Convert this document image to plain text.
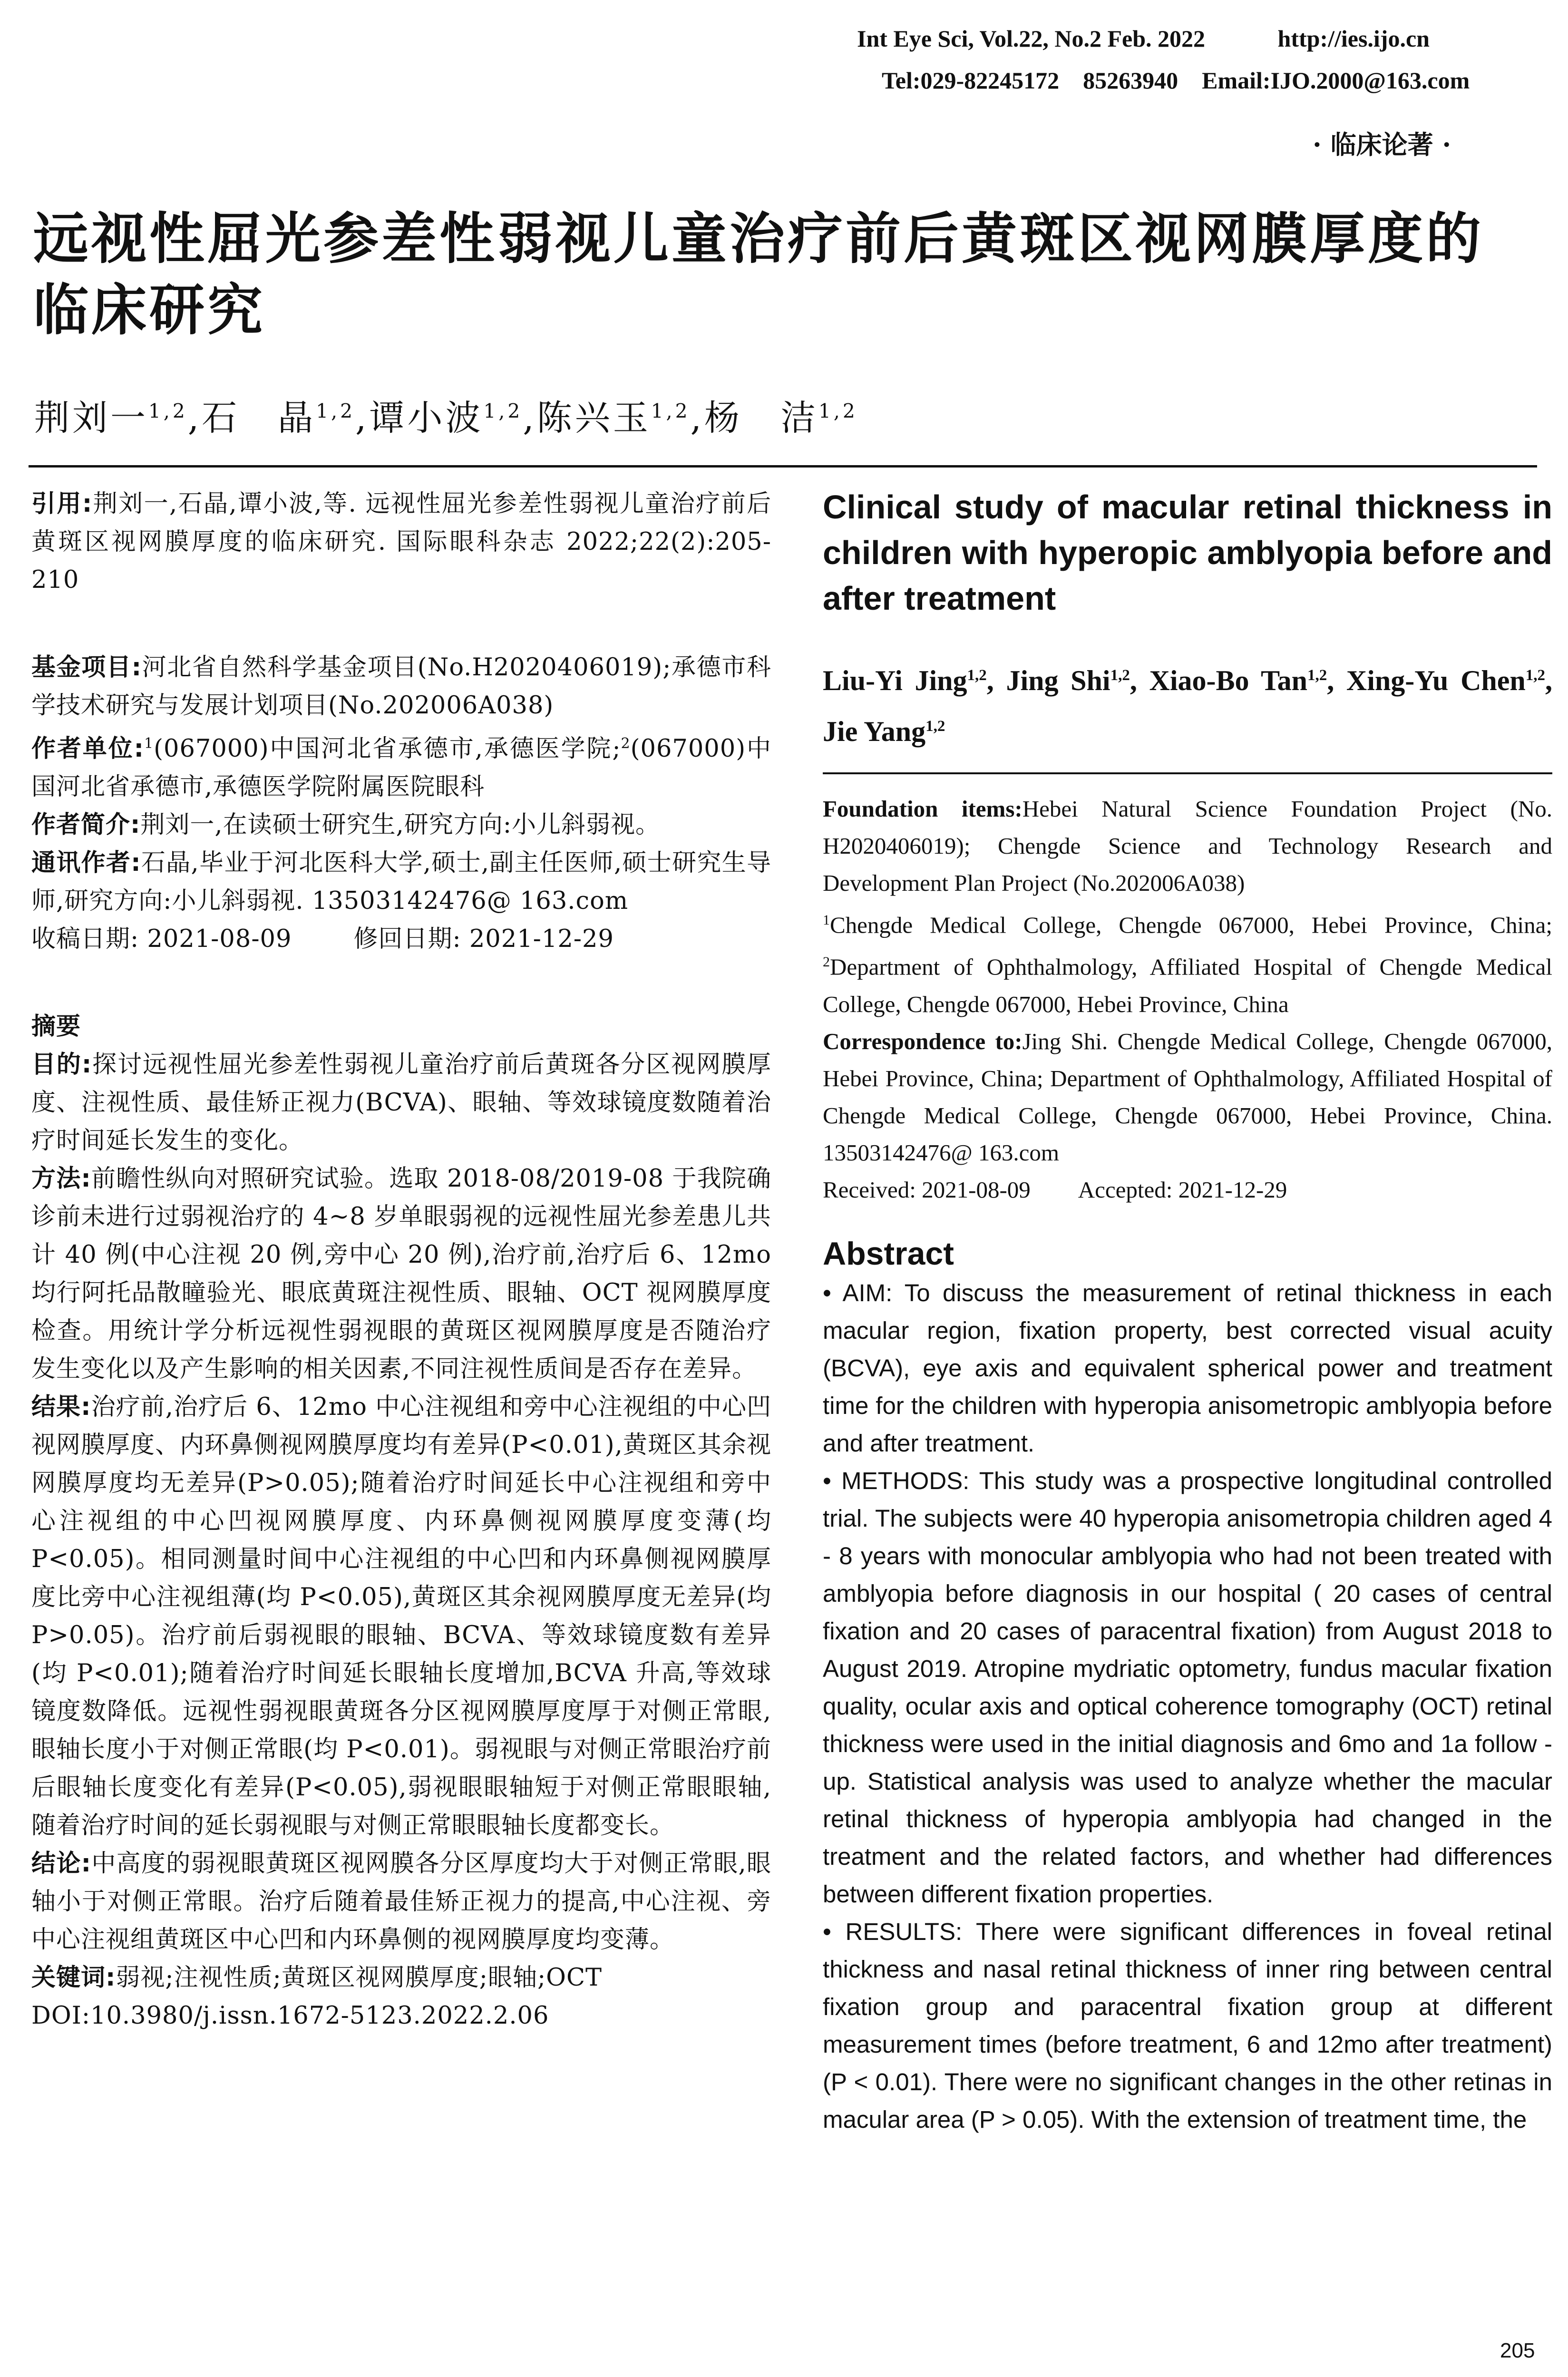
Int Eye Sci, Vol.22, No.2 Feb. 2022	http://ies.ijo.cn
Tel:029-82245172    85263940    Email:IJO.2000@163.com
· 临床论著 ·
远视性屈光参差性弱视儿童治疗前后黄斑区视网膜厚度的临床研究
荆刘一$^{1,2}$,石　晶$^{1,2}$,谭小波$^{1,2}$,陈兴玉$^{1,2}$,杨　洁$^{1,2}$
引用:荆刘一,石晶,谭小波,等. 远视性屈光参差性弱视儿童治疗前后黄斑区视网膜厚度的临床研究. 国际眼科杂志 2022;22(2):205-210
基金项目:河北省自然科学基金项目(No.H2020406019);承德市科学技术研究与发展计划项目(No.202006A038)
作者单位:$^1$(067000)中国河北省承德市,承德医学院;$^2$(067000)中国河北省承德市,承德医学院附属医院眼科
作者简介:荆刘一,在读硕士研究生,研究方向:小儿斜弱视。
通讯作者:石晶,毕业于河北医科大学,硕士,副主任医师,硕士研究生导师,研究方向:小儿斜弱视. 13503142476@ 163.com
收稿日期: 2021-08-09	修回日期: 2021-12-29
摘要
目的:探讨远视性屈光参差性弱视儿童治疗前后黄斑各分区视网膜厚度、注视性质、最佳矫正视力(BCVA)、眼轴、等效球镜度数随着治疗时间延长发生的变化。
方法:前瞻性纵向对照研究试验。选取 2018-08/2019-08 于我院确诊前未进行过弱视治疗的 4~8 岁单眼弱视的远视性屈光参差患儿共计 40 例(中心注视 20 例,旁中心 20 例),治疗前,治疗后 6、12mo 均行阿托品散瞳验光、眼底黄斑注视性质、眼轴、OCT 视网膜厚度检查。用统计学分析远视性弱视眼的黄斑区视网膜厚度是否随治疗发生变化以及产生影响的相关因素,不同注视性质间是否存在差异。
结果:治疗前,治疗后 6、12mo 中心注视组和旁中心注视组的中心凹视网膜厚度、内环鼻侧视网膜厚度均有差异(P<0.01),黄斑区其余视网膜厚度均无差异(P>0.05);随着治疗时间延长中心注视组和旁中心注视组的中心凹视网膜厚度、内环鼻侧视网膜厚度变薄(均 P<0.05)。相同测量时间中心注视组的中心凹和内环鼻侧视网膜厚度比旁中心注视组薄(均 P<0.05),黄斑区其余视网膜厚度无差异(均 P>0.05)。治疗前后弱视眼的眼轴、BCVA、等效球镜度数有差异(均 P<0.01);随着治疗时间延长眼轴长度增加,BCVA 升高,等效球镜度数降低。远视性弱视眼黄斑各分区视网膜厚度厚于对侧正常眼,眼轴长度小于对侧正常眼(均 P<0.01)。弱视眼与对侧正常眼治疗前后眼轴长度变化有差异(P<0.05),弱视眼眼轴短于对侧正常眼眼轴,随着治疗时间的延长弱视眼与对侧正常眼眼轴长度都变长。
结论:中高度的弱视眼黄斑区视网膜各分区厚度均大于对侧正常眼,眼轴小于对侧正常眼。治疗后随着最佳矫正视力的提高,中心注视、旁中心注视组黄斑区中心凹和内环鼻侧的视网膜厚度均变薄。
关键词:弱视;注视性质;黄斑区视网膜厚度;眼轴;OCT
DOI:10.3980/j.issn.1672-5123.2022.2.06
Clinical study of macular retinal thickness in children with hyperopic amblyopia before and after treatment
Liu-Yi Jing$^{1,2}$, Jing Shi$^{1,2}$, Xiao-Bo Tan$^{1,2}$, Xing-Yu Chen$^{1,2}$, Jie Yang$^{1,2}$
Foundation items:Hebei Natural Science Foundation Project (No. H2020406019); Chengde Science and Technology Research and Development Plan Project (No.202006A038)
$^1$Chengde Medical College, Chengde 067000, Hebei Province, China; $^2$Department of Ophthalmology, Affiliated Hospital of Chengde Medical College, Chengde 067000, Hebei Province, China
Correspondence to:Jing Shi. Chengde Medical College, Chengde 067000, Hebei Province, China; Department of Ophthalmology, Affiliated Hospital of Chengde Medical College, Chengde 067000, Hebei Province, China. 13503142476@ 163.com
Received: 2021-08-09 Accepted: 2021-12-29
Abstract
• AIM: To discuss the measurement of retinal thickness in each macular region, fixation property, best corrected visual acuity (BCVA), eye axis and equivalent spherical power and treatment time for the children with hyperopia anisometropic amblyopia before and after treatment.
• METHODS: This study was a prospective longitudinal controlled trial. The subjects were 40 hyperopia anisometropia children aged 4 - 8 years with monocular amblyopia who had not been treated with amblyopia before diagnosis in our hospital ( 20 cases of central fixation and 20 cases of paracentral fixation) from August 2018 to August 2019. Atropine mydriatic optometry, fundus macular fixation quality, ocular axis and optical coherence tomography (OCT) retinal thickness were used in the initial diagnosis and 6mo and 1a follow - up. Statistical analysis was used to analyze whether the macular retinal thickness of hyperopia amblyopia had changed in the treatment and the related factors, and whether had differences between different fixation properties.
• RESULTS: There were significant differences in foveal retinal thickness and nasal retinal thickness of inner ring between central fixation group and paracentral fixation group at different measurement times (before treatment, 6 and 12mo after treatment) (P < 0.01). There were no significant changes in the other retinas in macular area (P > 0.05). With the extension of treatment time, the
205
